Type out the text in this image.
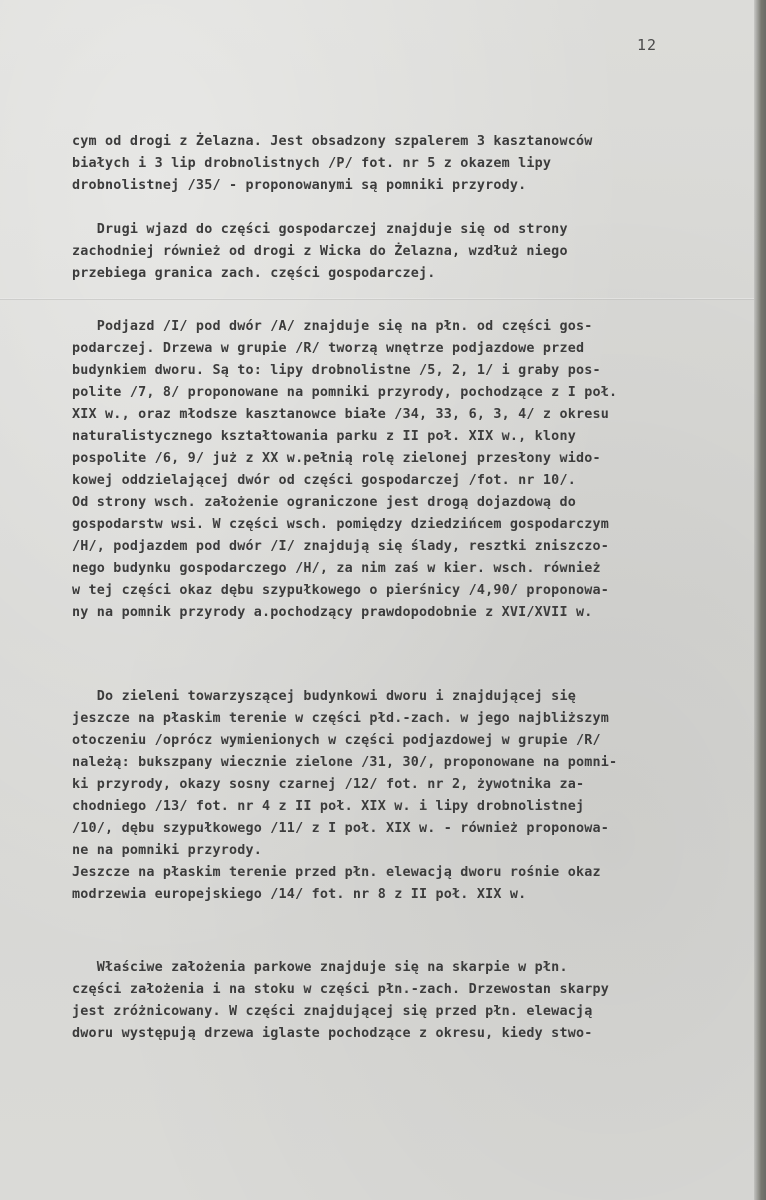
12
cym od drogi z Żelazna. Jest obsadzony szpalerem 3 kasztanowców
białych i 3 lip drobnolistnych /P/ fot. nr 5 z okazem lipy
drobnolistnej /35/ - proponowanymi są pomniki przyrody.
Drugi wjazd do części gospodarczej znajduje się od strony
zachodniej również od drogi z Wicka do Żelazna, wzdłuż niego
przebiega granica zach. części gospodarczej.
Podjazd /I/ pod dwór /A/ znajduje się na płn. od części gos-
podarczej. Drzewa w grupie /R/ tworzą wnętrze podjazdowe przed
budynkiem dworu. Są to: lipy drobnolistne /5, 2, 1/ i graby pos-
polite /7, 8/ proponowane na pomniki przyrody, pochodzące z I poł.
XIX w., oraz młodsze kasztanowce białe /34, 33, 6, 3, 4/ z okresu
naturalistycznego kształtowania parku z II poł. XIX w., klony
pospolite /6, 9/ już z XX w.pełnią rolę zielonej przesłony wido-
kowej oddzielającej dwór od części gospodarczej /fot. nr 10/.
Od strony wsch. założenie ograniczone jest drogą dojazdową do
gospodarstw wsi. W części wsch. pomiędzy dziedzińcem gospodarczym
/H/, podjazdem pod dwór /I/ znajdują się ślady, resztki zniszczo-
nego budynku gospodarczego /H/, za nim zaś w kier. wsch. również
w tej części okaz dębu szypułkowego o pierśnicy /4,90/ proponowa-
ny na pomnik przyrody a.pochodzący prawdopodobnie z XVI/XVII w.
Do zieleni towarzyszącej budynkowi dworu i znajdującej się
jeszcze na płaskim terenie w części płd.-zach. w jego najbliższym
otoczeniu /oprócz wymienionych w części podjazdowej w grupie /R/
należą: bukszpany wiecznie zielone /31, 30/, proponowane na pomni-
ki przyrody, okazy sosny czarnej /12/ fot. nr 2, żywotnika za-
chodniego /13/ fot. nr 4 z II poł. XIX w. i lipy drobnolistnej
/10/, dębu szypułkowego /11/ z I poł. XIX w. - również proponowa-
ne na pomniki przyrody.
Jeszcze na płaskim terenie przed płn. elewacją dworu rośnie okaz
modrzewia europejskiego /14/ fot. nr 8 z II poł. XIX w.
Właściwe założenia parkowe znajduje się na skarpie w płn.
części założenia i na stoku w części płn.-zach. Drzewostan skarpy
jest zróżnicowany. W części znajdującej się przed płn. elewacją
dworu występują drzewa iglaste pochodzące z okresu, kiedy stwo-
